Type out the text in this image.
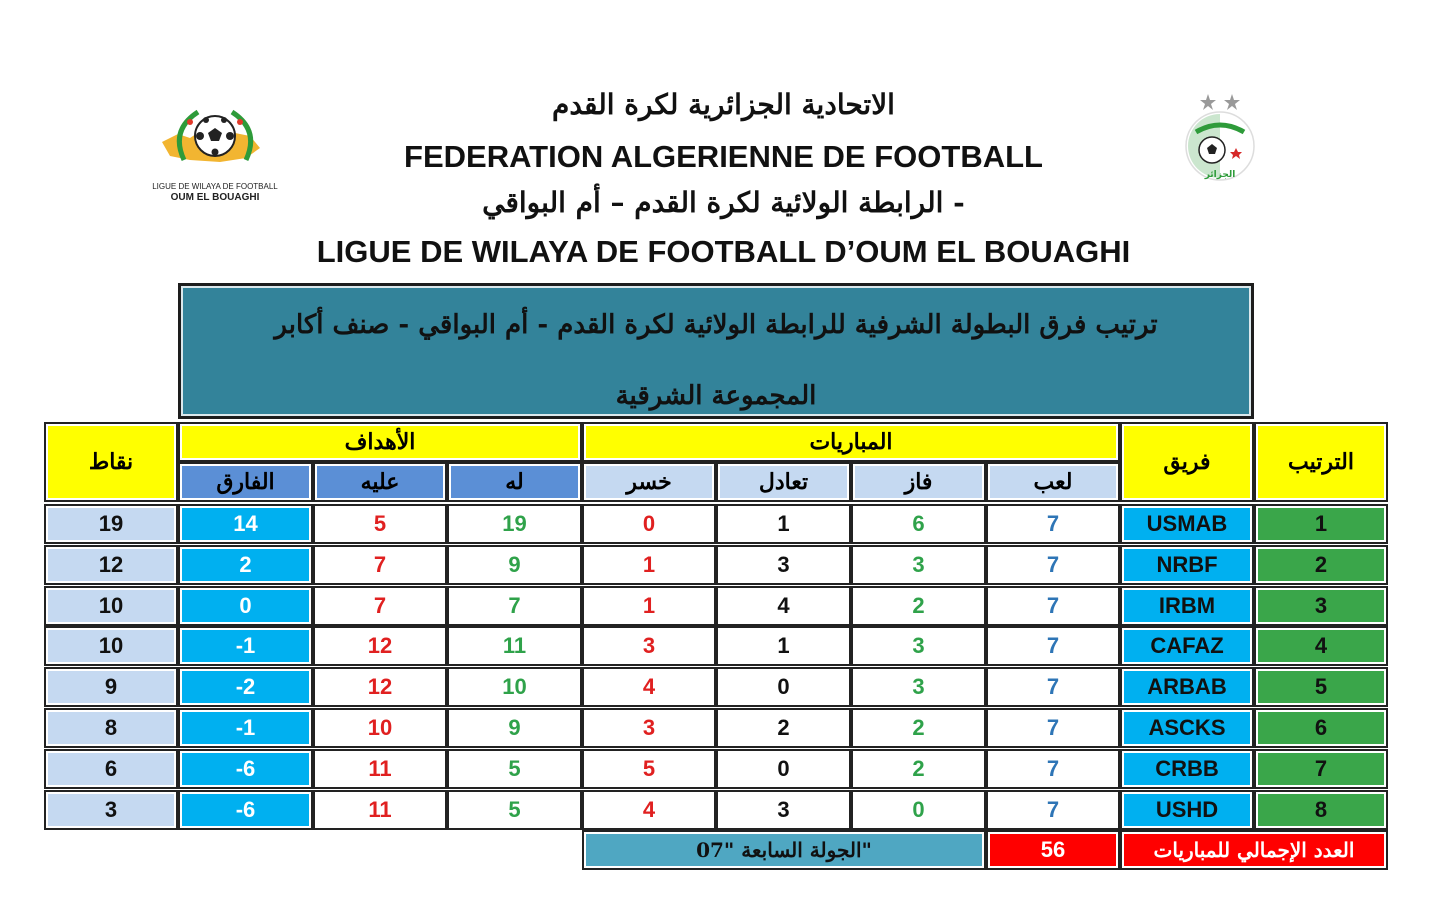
الاتحادية الجزائرية لكرة القدم
FEDERATION ALGERIENNE DE FOOTBALL
الرابطة الولائية لكرة القدم – أم البواقي -
LIGUE DE WILAYA DE FOOTBALL D’OUM EL BOUAGHI
LIGUE DE WILAYA DE FOOTBALL
OUM EL BOUAGHI
الجزائر
ترتيب فرق البطولة الشرفية للرابطة الولائية لكرة القدم - أم البواقي - صنف أكابر
المجموعة الشرقية
الترتيب
فريق
المباريات
الأهداف
نقاط
لعب
فاز
تعادل
خسر
له
عليه
الفارق
1
USMAB
7
6
1
0
19
5
14
19
2
NRBF
7
3
3
1
9
7
2
12
3
IRBM
7
2
4
1
7
7
0
10
4
CAFAZ
7
3
1
3
11
12
-1
10
5
ARBAB
7
3
0
4
10
12
-2
9
6
ASCKS
7
2
2
3
9
10
-1
8
7
CRBB
7
2
0
5
5
11
-6
6
8
USHD
7
0
3
4
5
11
-6
3
العدد الإجمالي للمباريات
56
الجولة السابعة "07"
